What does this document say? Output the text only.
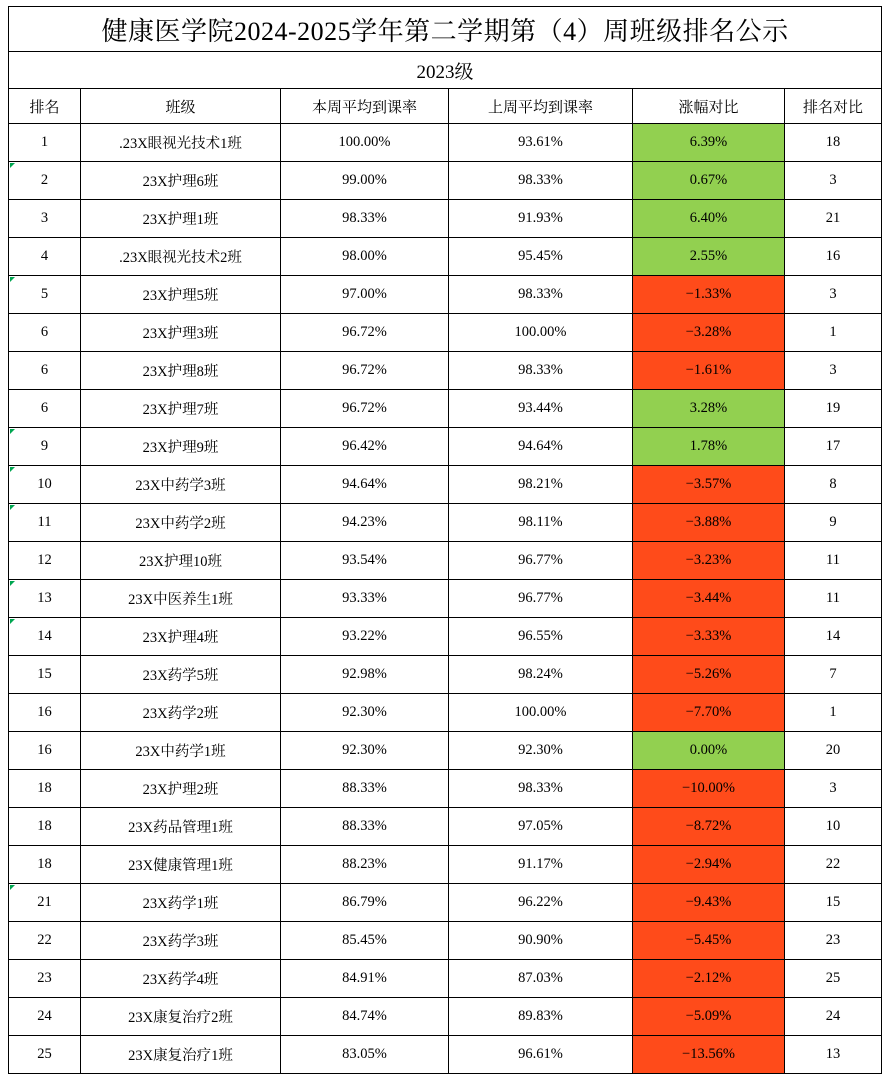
健康医学院2024-2025学年第二学期第（4）周班级排名公示					
2023级					
排名	班级	本周平均到课率	上周平均到课率	涨幅对比	排名对比
1	.23X眼视光技术1班	100.00%	93.61%	6.39%	18
2	23X护理6班	99.00%	98.33%	0.67%	3
3	23X护理1班	98.33%	91.93%	6.40%	21
4	.23X眼视光技术2班	98.00%	95.45%	2.55%	16
5	23X护理5班	97.00%	98.33%	−1.33%	3
6	23X护理3班	96.72%	100.00%	−3.28%	1
6	23X护理8班	96.72%	98.33%	−1.61%	3
6	23X护理7班	96.72%	93.44%	3.28%	19
9	23X护理9班	96.42%	94.64%	1.78%	17
10	23X中药学3班	94.64%	98.21%	−3.57%	8
11	23X中药学2班	94.23%	98.11%	−3.88%	9
12	23X护理10班	93.54%	96.77%	−3.23%	11
13	23X中医养生1班	93.33%	96.77%	−3.44%	11
14	23X护理4班	93.22%	96.55%	−3.33%	14
15	23X药学5班	92.98%	98.24%	−5.26%	7
16	23X药学2班	92.30%	100.00%	−7.70%	1
16	23X中药学1班	92.30%	92.30%	0.00%	20
18	23X护理2班	88.33%	98.33%	−10.00%	3
18	23X药品管理1班	88.33%	97.05%	−8.72%	10
18	23X健康管理1班	88.23%	91.17%	−2.94%	22
21	23X药学1班	86.79%	96.22%	−9.43%	15
22	23X药学3班	85.45%	90.90%	−5.45%	23
23	23X药学4班	84.91%	87.03%	−2.12%	25
24	23X康复治疗2班	84.74%	89.83%	−5.09%	24
25	23X康复治疗1班	83.05%	96.61%	−13.56%	13
